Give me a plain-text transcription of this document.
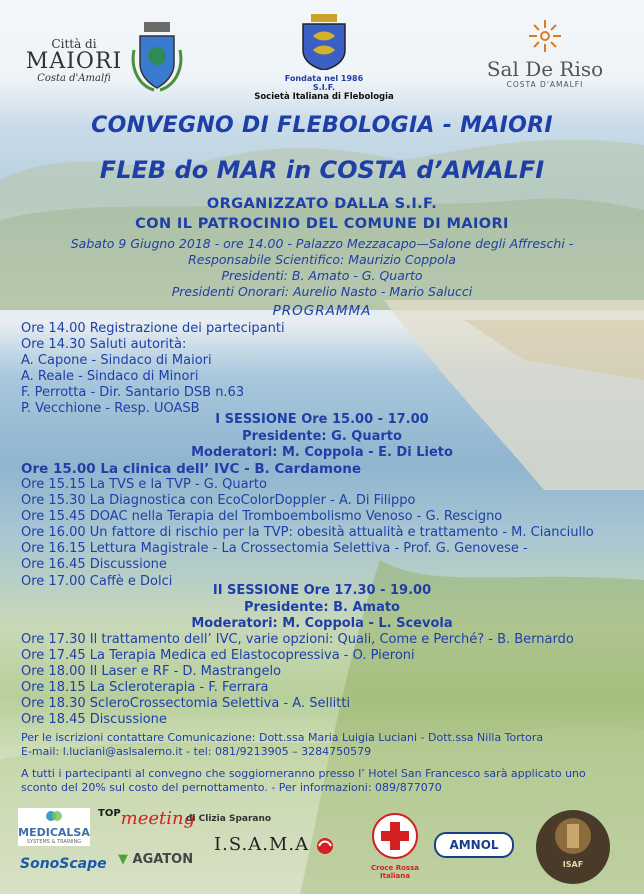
Città di
MAIORI
Costa d'Amalfi	Fondata nel 1986
S.I.F.
Società Italiana di Flebologia
Sal De Riso
COSTA D'AMALFI
CONVEGNO DI FLEBOLOGIA - MAIORI
FLEB do MAR in COSTA d’AMALFI
ORGANIZZATO DALLA S.I.F.
CON IL PATROCINIO DEL COMUNE DI MAIORI
Sabato 9 Giugno 2018 - ore 14.00 - Palazzo Mezzacapo—Salone degli Affreschi -
Responsabile Scientifico: Maurizio Coppola
Presidenti: B. Amato - G. Quarto
Presidenti Onorari: Aurelio Nasto - Mario Salucci
PROGRAMMA
Ore 14.00 Registrazione dei partecipanti
Ore 14.30 Saluti autorità:
A. Capone - Sindaco di Maiori
A. Reale - Sindaco di Minori
F. Perrotta - Dir. Santario DSB n.63
P. Vecchione - Resp. UOASB
I SESSIONE Ore 15.00 - 17.00
Presidente: G. Quarto
Moderatori: M. Coppola - E. Di Lieto
Ore 15.00 La clinica dell’ IVC - B. Cardamone
Ore 15.15 La TVS e la TVP - G. Quarto
Ore 15.30 La Diagnostica con EcoColorDoppler - A. Di Filippo
Ore 15.45 DOAC nella Terapia del Tromboembolismo Venoso - G. Rescigno
Ore 16.00 Un fattore di rischio per la TVP: obesità attualità e trattamento - M. Cianciullo
Ore 16.15 Lettura Magistrale - La Crossectomia Selettiva - Prof. G. Genovese -
Ore 16.45 Discussione
Ore 17.00 Caffè e Dolci
II SESSIONE Ore 17.30 - 19.00
Presidente: B. Amato
Moderatori: M. Coppola - L. Scevola
Ore 17.30 Il trattamento dell’ IVC, varie opzioni: Quali, Come e Perché? - B. Bernardo
Ore 17.45 La Terapia Medica ed Elastocopressiva - O. Pieroni
Ore 18.00 Il Laser e RF - D. Mastrangelo
Ore 18.15 La Scleroterapia - F. Ferrara
Ore 18.30 ScleroCrossectomia Selettiva - A. Sellitti
Ore 18.45 Discussione
Per le iscrizioni contattare Comunicazione: Dott.ssa Maria Luigia Luciani - Dott.ssa Nilla Tortora
E-mail: l.luciani@aslsalerno.it - tel: 081/9213905 – 3284750579
A tutti i partecipanti al convegno che soggiorneranno presso l’ Hotel San Francesco sarà applicato uno
sconto del 20% sul costo del pernottamento. - Per informazioni: 089/877070
MEDICALSA
SYSTEMS & TRAINING
SonoScape
$^{TOP}$meeting
di Clizia Sparano
▼ AGATON
I.S.A.M.A
Croce Rossa Italiana
AMNOL
ISAF
